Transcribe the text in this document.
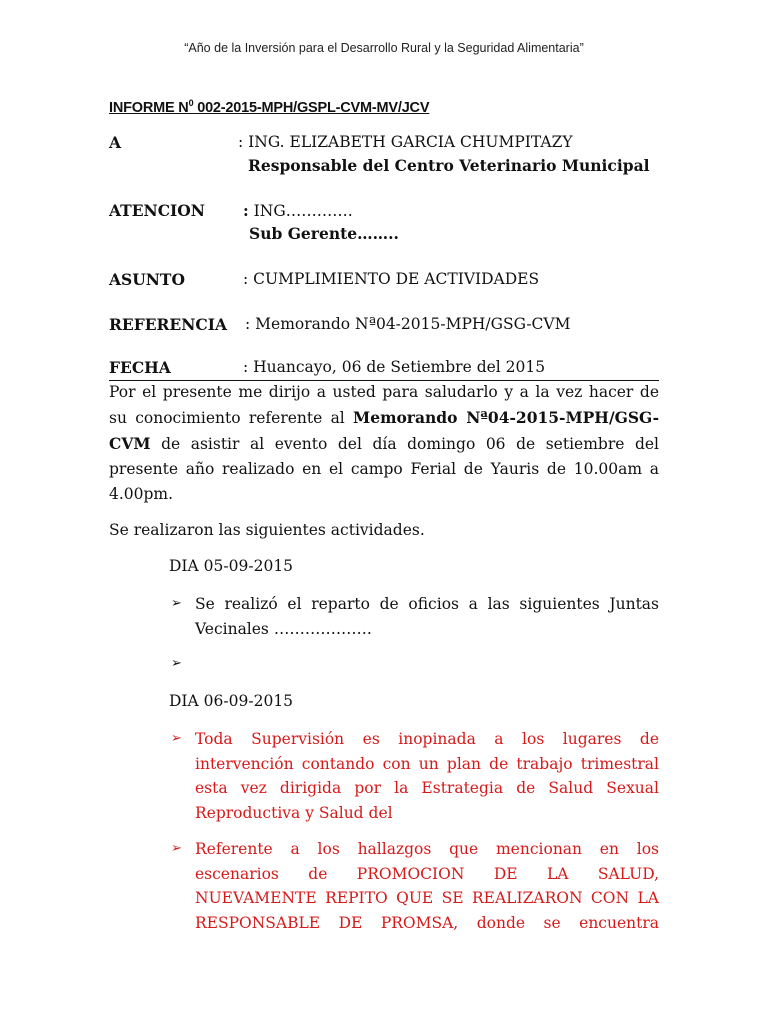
“Año de la Inversión para el Desarrollo Rural y la Seguridad Alimentaria”
INFORME $N^0$ 002-2015-MPH/GSPL-CVM-MV/JCV
A	: ING. ELIZABETH GARCIA CHUMPITAZY
Responsable del Centro Veterinario Municipal
ATENCION : ING………….
Sub Gerente……..
ASUNTO	: CUMPLIMIENTO DE ACTIVIDADES
REFERENCIA : Memorando Nª04-2015-MPH/GSG-CVM
FECHA	: Huancayo, 06 de Setiembre del 2015
Por el presente me dirijo a usted para saludarlo y a la vez hacer de
su conocimiento referente al Memorando Nª04-2015-MPH/GSG-
CVM de asistir al evento del día domingo 06 de setiembre del
presente año realizado en el campo Ferial de Yauris de 10.00am a
4.00pm.
Se realizaron las siguientes actividades.
DIA 05-09-2015
➢ Se realizó el reparto de oficios a las siguientes Juntas
Vecinales ……………….
➢
DIA 06-09-2015
➢ Toda Supervisión es inopinada a los lugares de
intervención contando con un plan de trabajo trimestral
esta vez dirigida por la Estrategia de Salud Sexual
Reproductiva y Salud del
➢ Referente a los hallazgos que mencionan en los
escenarios de PROMOCION DE LA SALUD,
NUEVAMENTE REPITO QUE SE REALIZARON CON LA
RESPONSABLE DE PROMSA, donde se encuentra
